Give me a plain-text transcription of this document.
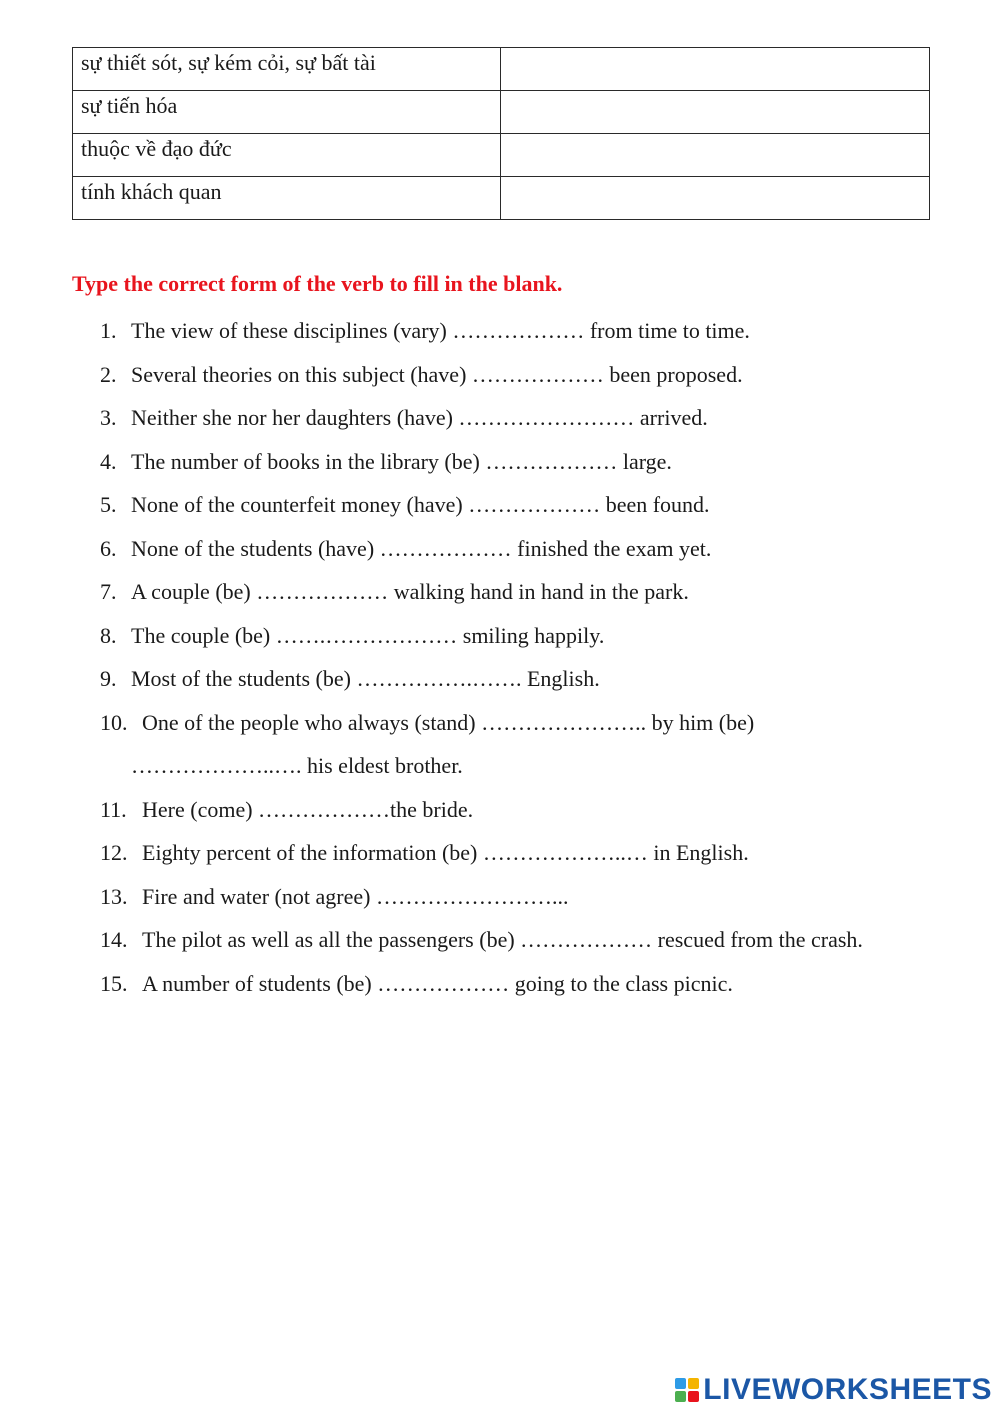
sự thiết sót, sự kém cỏi, sự bất tài	
sự tiến hóa	
thuộc về đạo đức	
tính khách quan	

Type the correct form of the verb to fill in the blank.

1. The view of these disciplines (vary) ……………… from time to time.
2. Several theories on this subject (have) ……………… been proposed.
3. Neither she nor her daughters (have) …………………… arrived.
4. The number of books in the library (be) ……………… large.
5. None of the counterfeit money (have) ……………… been found.
6. None of the students (have) ……………… finished the exam yet.
7. A couple (be) ……………… walking hand in hand in the park.
8. The couple (be) …….……………… smiling happily.
9. Most of the students (be) …………….……. English.
10. One of the people who always (stand) ………………….. by him (be) ………………..…. his eldest brother.
11. Here (come) ………………the bride.
12. Eighty percent of the information (be) ………………..… in English.
13. Fire and water (not agree) ……………………...
14. The pilot as well as all the passengers (be) ……………… rescued from the crash.
15. A number of students (be) ……………… going to the class picnic.
LIVEWORKSHEETS
